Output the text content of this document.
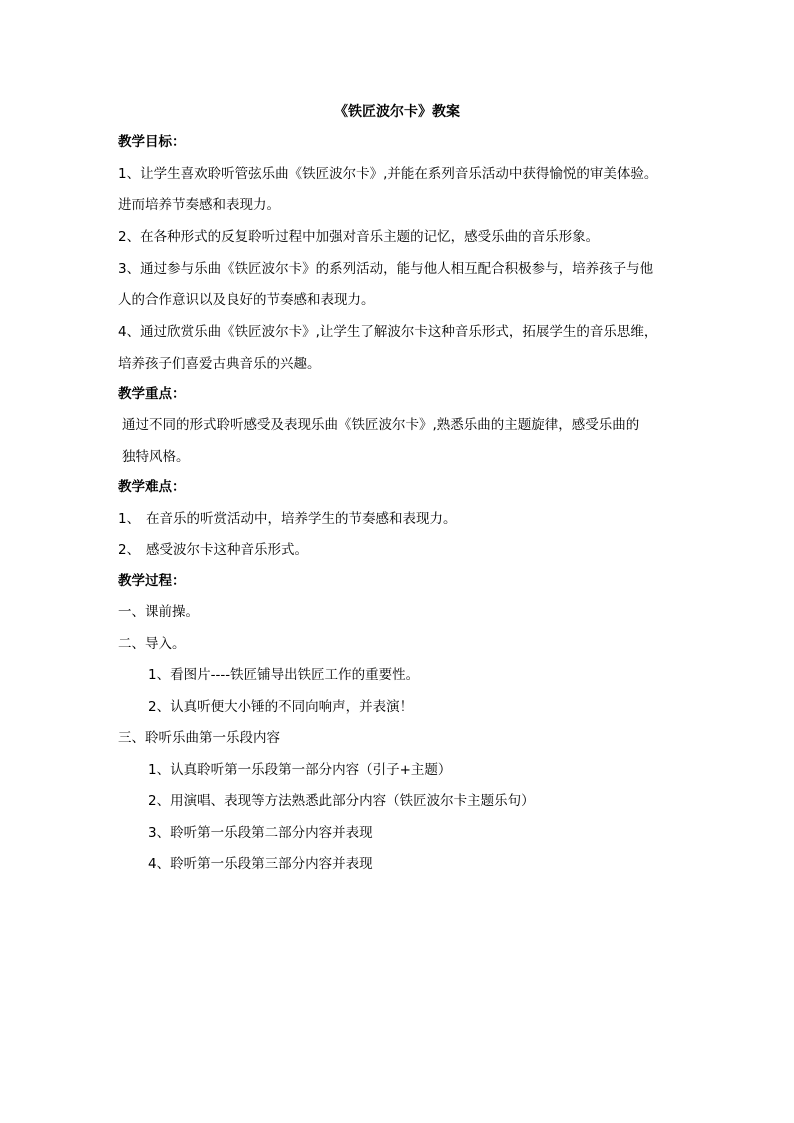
《铁匠波尔卡》教案
教学目标：
1、让学生喜欢聆听管弦乐曲《铁匠波尔卡》,并能在系列音乐活动中获得愉悦的审美体验。
进而培养节奏感和表现力。
2、在各种形式的反复聆听过程中加强对音乐主题的记忆，感受乐曲的音乐形象。
3、通过参与乐曲《铁匠波尔卡》的系列活动，能与他人相互配合积极参与，培养孩子与他
人的合作意识以及良好的节奏感和表现力。
4、通过欣赏乐曲《铁匠波尔卡》,让学生了解波尔卡这种音乐形式，拓展学生的音乐思维，
培养孩子们喜爱古典音乐的兴趣。
教学重点：
通过不同的形式聆听感受及表现乐曲《铁匠波尔卡》,熟悉乐曲的主题旋律，感受乐曲的
独特风格。
教学难点：
1、 在音乐的听赏活动中，培养学生的节奏感和表现力。
2、 感受波尔卡这种音乐形式。
教学过程：
一、课前操。
二、导入。
1、看图片----铁匠铺导出铁匠工作的重要性。
2、认真听便大小锤的不同向响声，并表演！
三、聆听乐曲第一乐段内容
1、认真聆听第一乐段第一部分内容（引子+主题）
2、用演唱、表现等方法熟悉此部分内容（铁匠波尔卡主题乐句）
3、聆听第一乐段第二部分内容并表现
4、聆听第一乐段第三部分内容并表现
